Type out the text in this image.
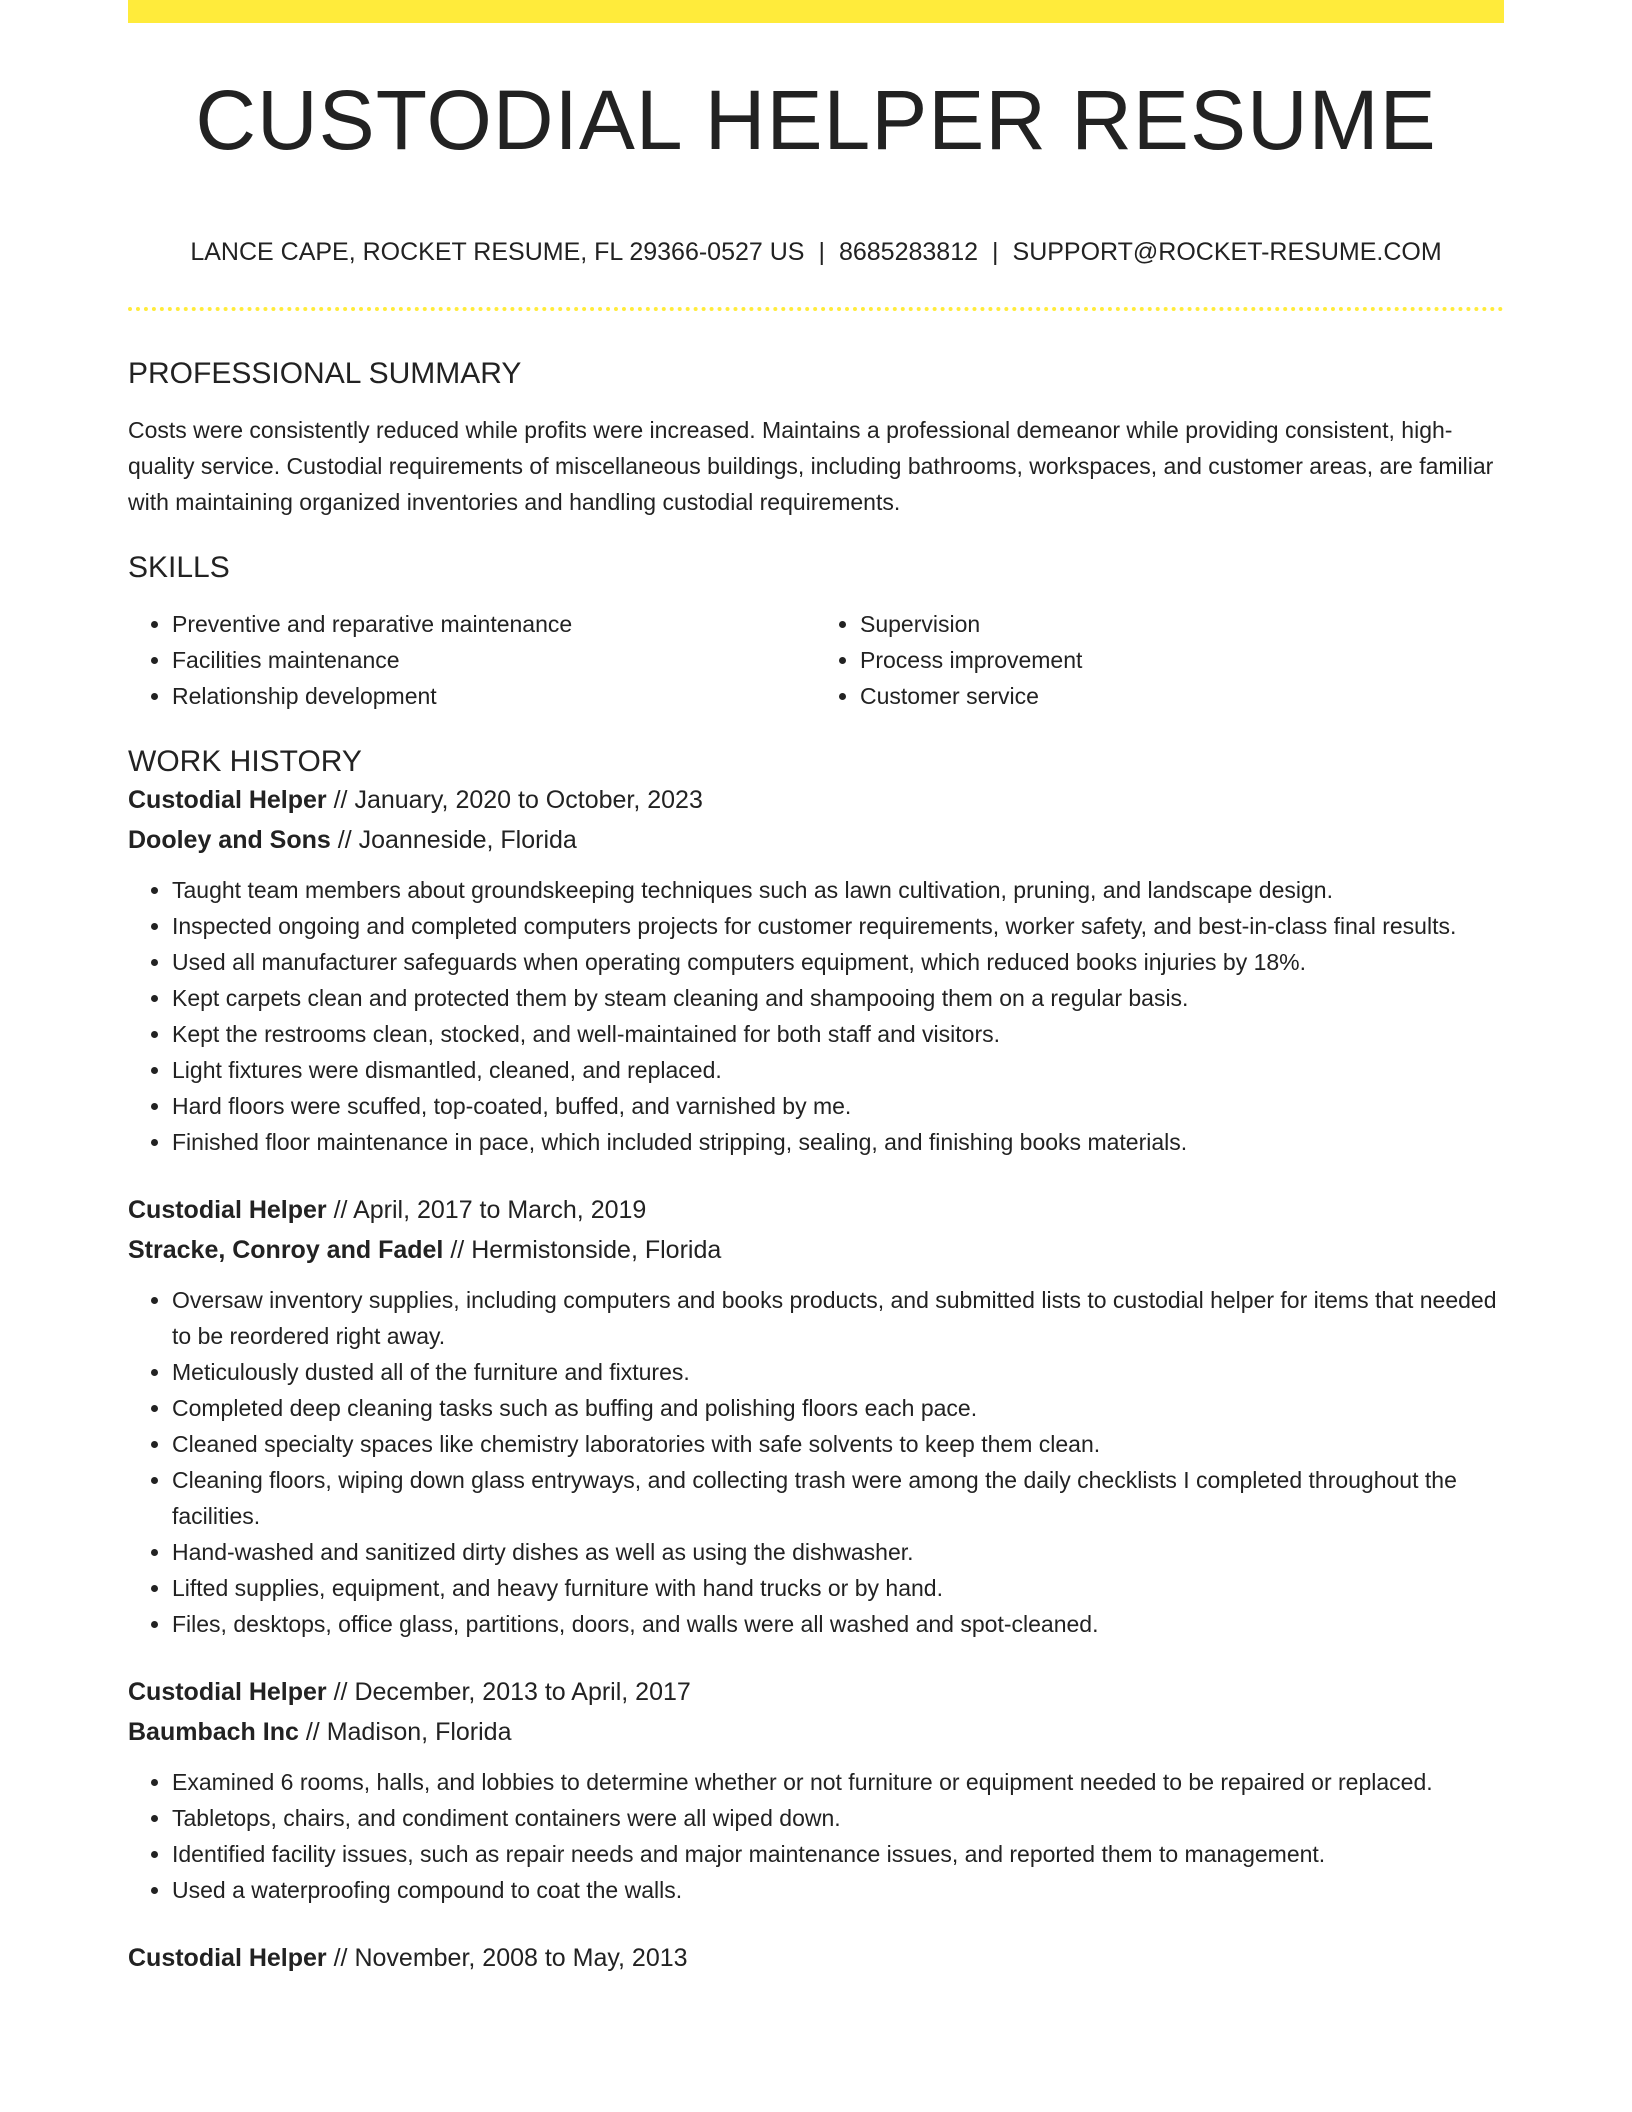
CUSTODIAL HELPER RESUME
LANCE CAPE, ROCKET RESUME, FL 29366-0527 US | 8685283812 | SUPPORT@ROCKET-RESUME.COM
PROFESSIONAL SUMMARY

Costs were consistently reduced while profits were increased. Maintains a professional demeanor while providing consistent, high-quality service. Custodial requirements of miscellaneous buildings, including bathrooms, workspaces, and customer areas, are familiar with maintaining organized inventories and handling custodial requirements.

SKILLS
• Preventive and reparative maintenance
• Facilities maintenance
• Relationship development
• Supervision
• Process improvement
• Customer service
WORK HISTORY
Custodial Helper // January, 2020 to October, 2023
Dooley and Sons // Joanneside, Florida
• Taught team members about groundskeeping techniques such as lawn cultivation, pruning, and landscape design.
• Inspected ongoing and completed computers projects for customer requirements, worker safety, and best-in-class final results.
• Used all manufacturer safeguards when operating computers equipment, which reduced books injuries by 18%.
• Kept carpets clean and protected them by steam cleaning and shampooing them on a regular basis.
• Kept the restrooms clean, stocked, and well-maintained for both staff and visitors.
• Light fixtures were dismantled, cleaned, and replaced.
• Hard floors were scuffed, top-coated, buffed, and varnished by me.
• Finished floor maintenance in pace, which included stripping, sealing, and finishing books materials.
Custodial Helper // April, 2017 to March, 2019
Stracke, Conroy and Fadel // Hermistonside, Florida
• Oversaw inventory supplies, including computers and books products, and submitted lists to custodial helper for items that needed to be reordered right away.
• Meticulously dusted all of the furniture and fixtures.
• Completed deep cleaning tasks such as buffing and polishing floors each pace.
• Cleaned specialty spaces like chemistry laboratories with safe solvents to keep them clean.
• Cleaning floors, wiping down glass entryways, and collecting trash were among the daily checklists I completed throughout the facilities.
• Hand-washed and sanitized dirty dishes as well as using the dishwasher.
• Lifted supplies, equipment, and heavy furniture with hand trucks or by hand.
• Files, desktops, office glass, partitions, doors, and walls were all washed and spot-cleaned.
Custodial Helper // December, 2013 to April, 2017
Baumbach Inc // Madison, Florida
• Examined 6 rooms, halls, and lobbies to determine whether or not furniture or equipment needed to be repaired or replaced.
• Tabletops, chairs, and condiment containers were all wiped down.
• Identified facility issues, such as repair needs and major maintenance issues, and reported them to management.
• Used a waterproofing compound to coat the walls.
Custodial Helper // November, 2008 to May, 2013
